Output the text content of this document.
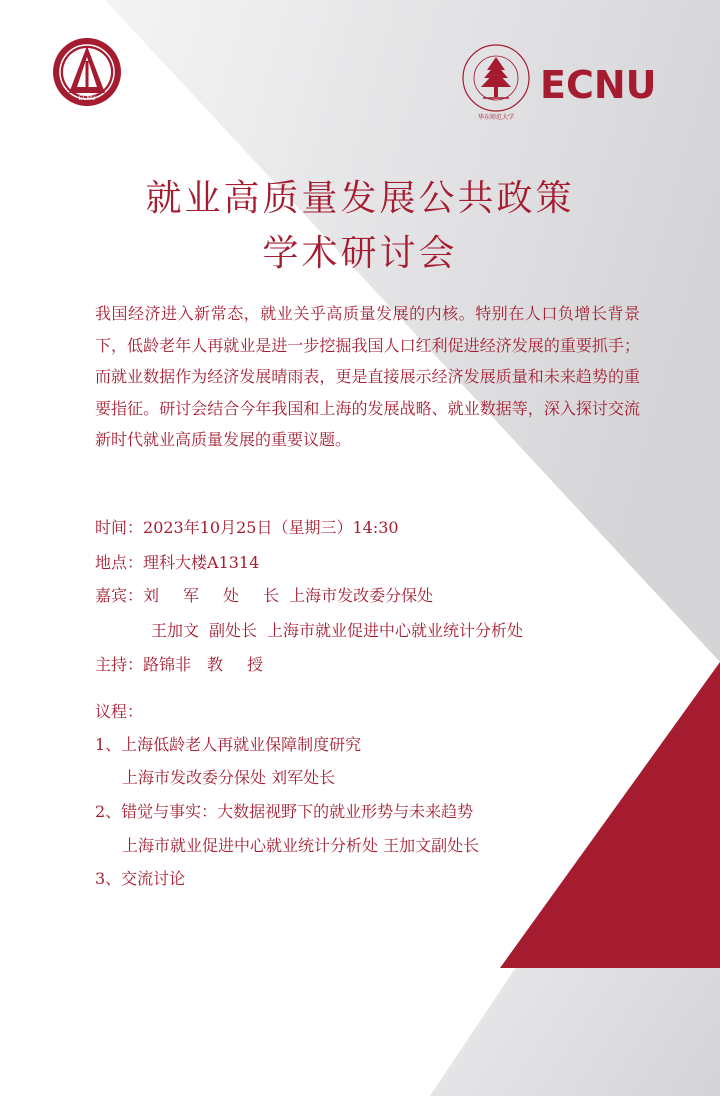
ECNU
华东师范大学
ECNU
就业高质量发展公共政策
学术研讨会

我国经济进入新常态，就业关乎高质量发展的内核。特别在人口负增长背景下，低龄老年人再就业是进一步挖掘我国人口红利促进经济发展的重要抓手；而就业数据作为经济发展晴雨表，更是直接展示经济发展质量和未来趋势的重要指征。研讨会结合今年我国和上海的发展战略、就业数据等，深入探讨交流新时代就业高质量发展的重要议题。

时间：2023年10月25日（星期三）14:30
地点：理科大楼A1314
嘉宾：刘 军 处 长 上海市发改委分保处
王加文 副处长 上海市就业促进中心就业统计分析处
主持：路锦非 教 授
议程：
1、上海低龄老人再就业保障制度研究
上海市发改委分保处 刘军处长
2、错觉与事实：大数据视野下的就业形势与未来趋势
上海市就业促进中心就业统计分析处 王加文副处长
3、交流讨论
